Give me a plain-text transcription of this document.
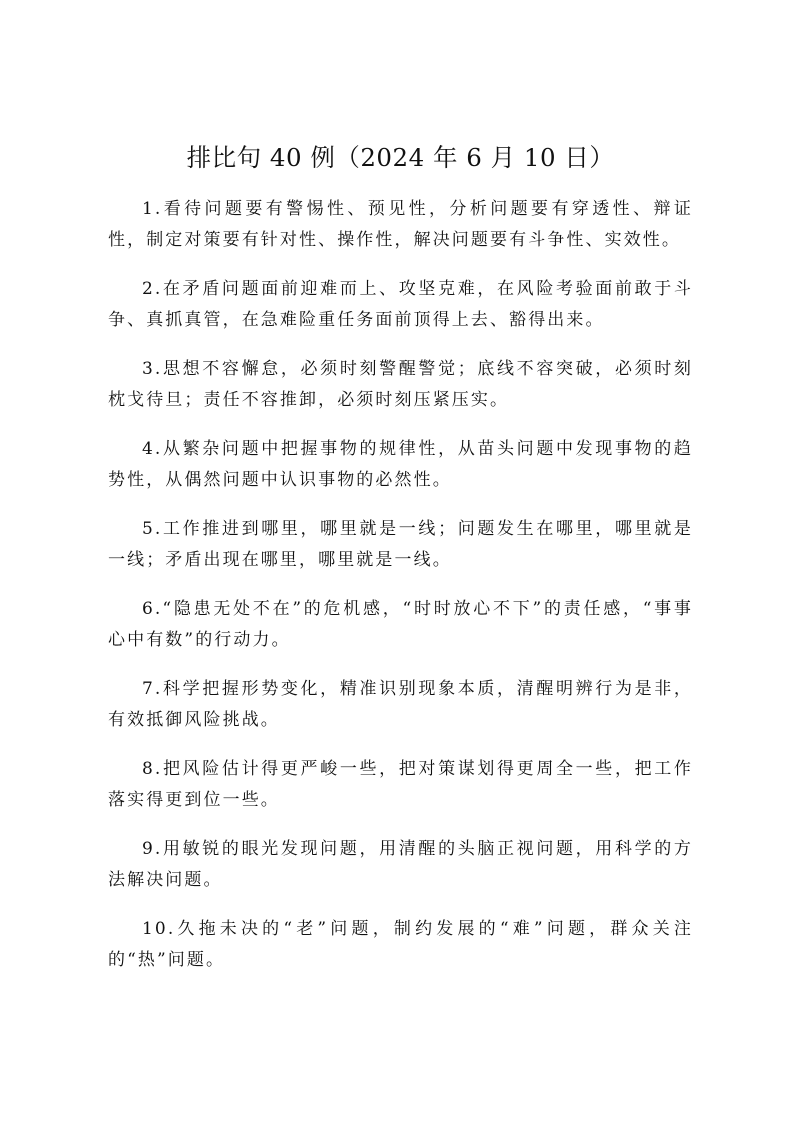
排比句 40 例（2024 年 6 月 10 日）

1.看待问题要有警惕性、预见性，分析问题要有穿透性、辩证性，制定对策要有针对性、操作性，解决问题要有斗争性、实效性。

2.在矛盾问题面前迎难而上、攻坚克难，在风险考验面前敢于斗争、真抓真管，在急难险重任务面前顶得上去、豁得出来。

3.思想不容懈怠，必须时刻警醒警觉；底线不容突破，必须时刻枕戈待旦；责任不容推卸，必须时刻压紧压实。

4.从繁杂问题中把握事物的规律性，从苗头问题中发现事物的趋势性，从偶然问题中认识事物的必然性。

5.工作推进到哪里，哪里就是一线；问题发生在哪里，哪里就是一线；矛盾出现在哪里，哪里就是一线。

6.“隐患无处不在”的危机感，“时时放心不下”的责任感，“事事心中有数”的行动力。

7.科学把握形势变化，精准识别现象本质，清醒明辨行为是非，有效抵御风险挑战。

8.把风险估计得更严峻一些，把对策谋划得更周全一些，把工作落实得更到位一些。

9.用敏锐的眼光发现问题，用清醒的头脑正视问题，用科学的方法解决问题。

10.久拖未决的“老”问题，制约发展的“难”问题，群众关注的“热”问题。
